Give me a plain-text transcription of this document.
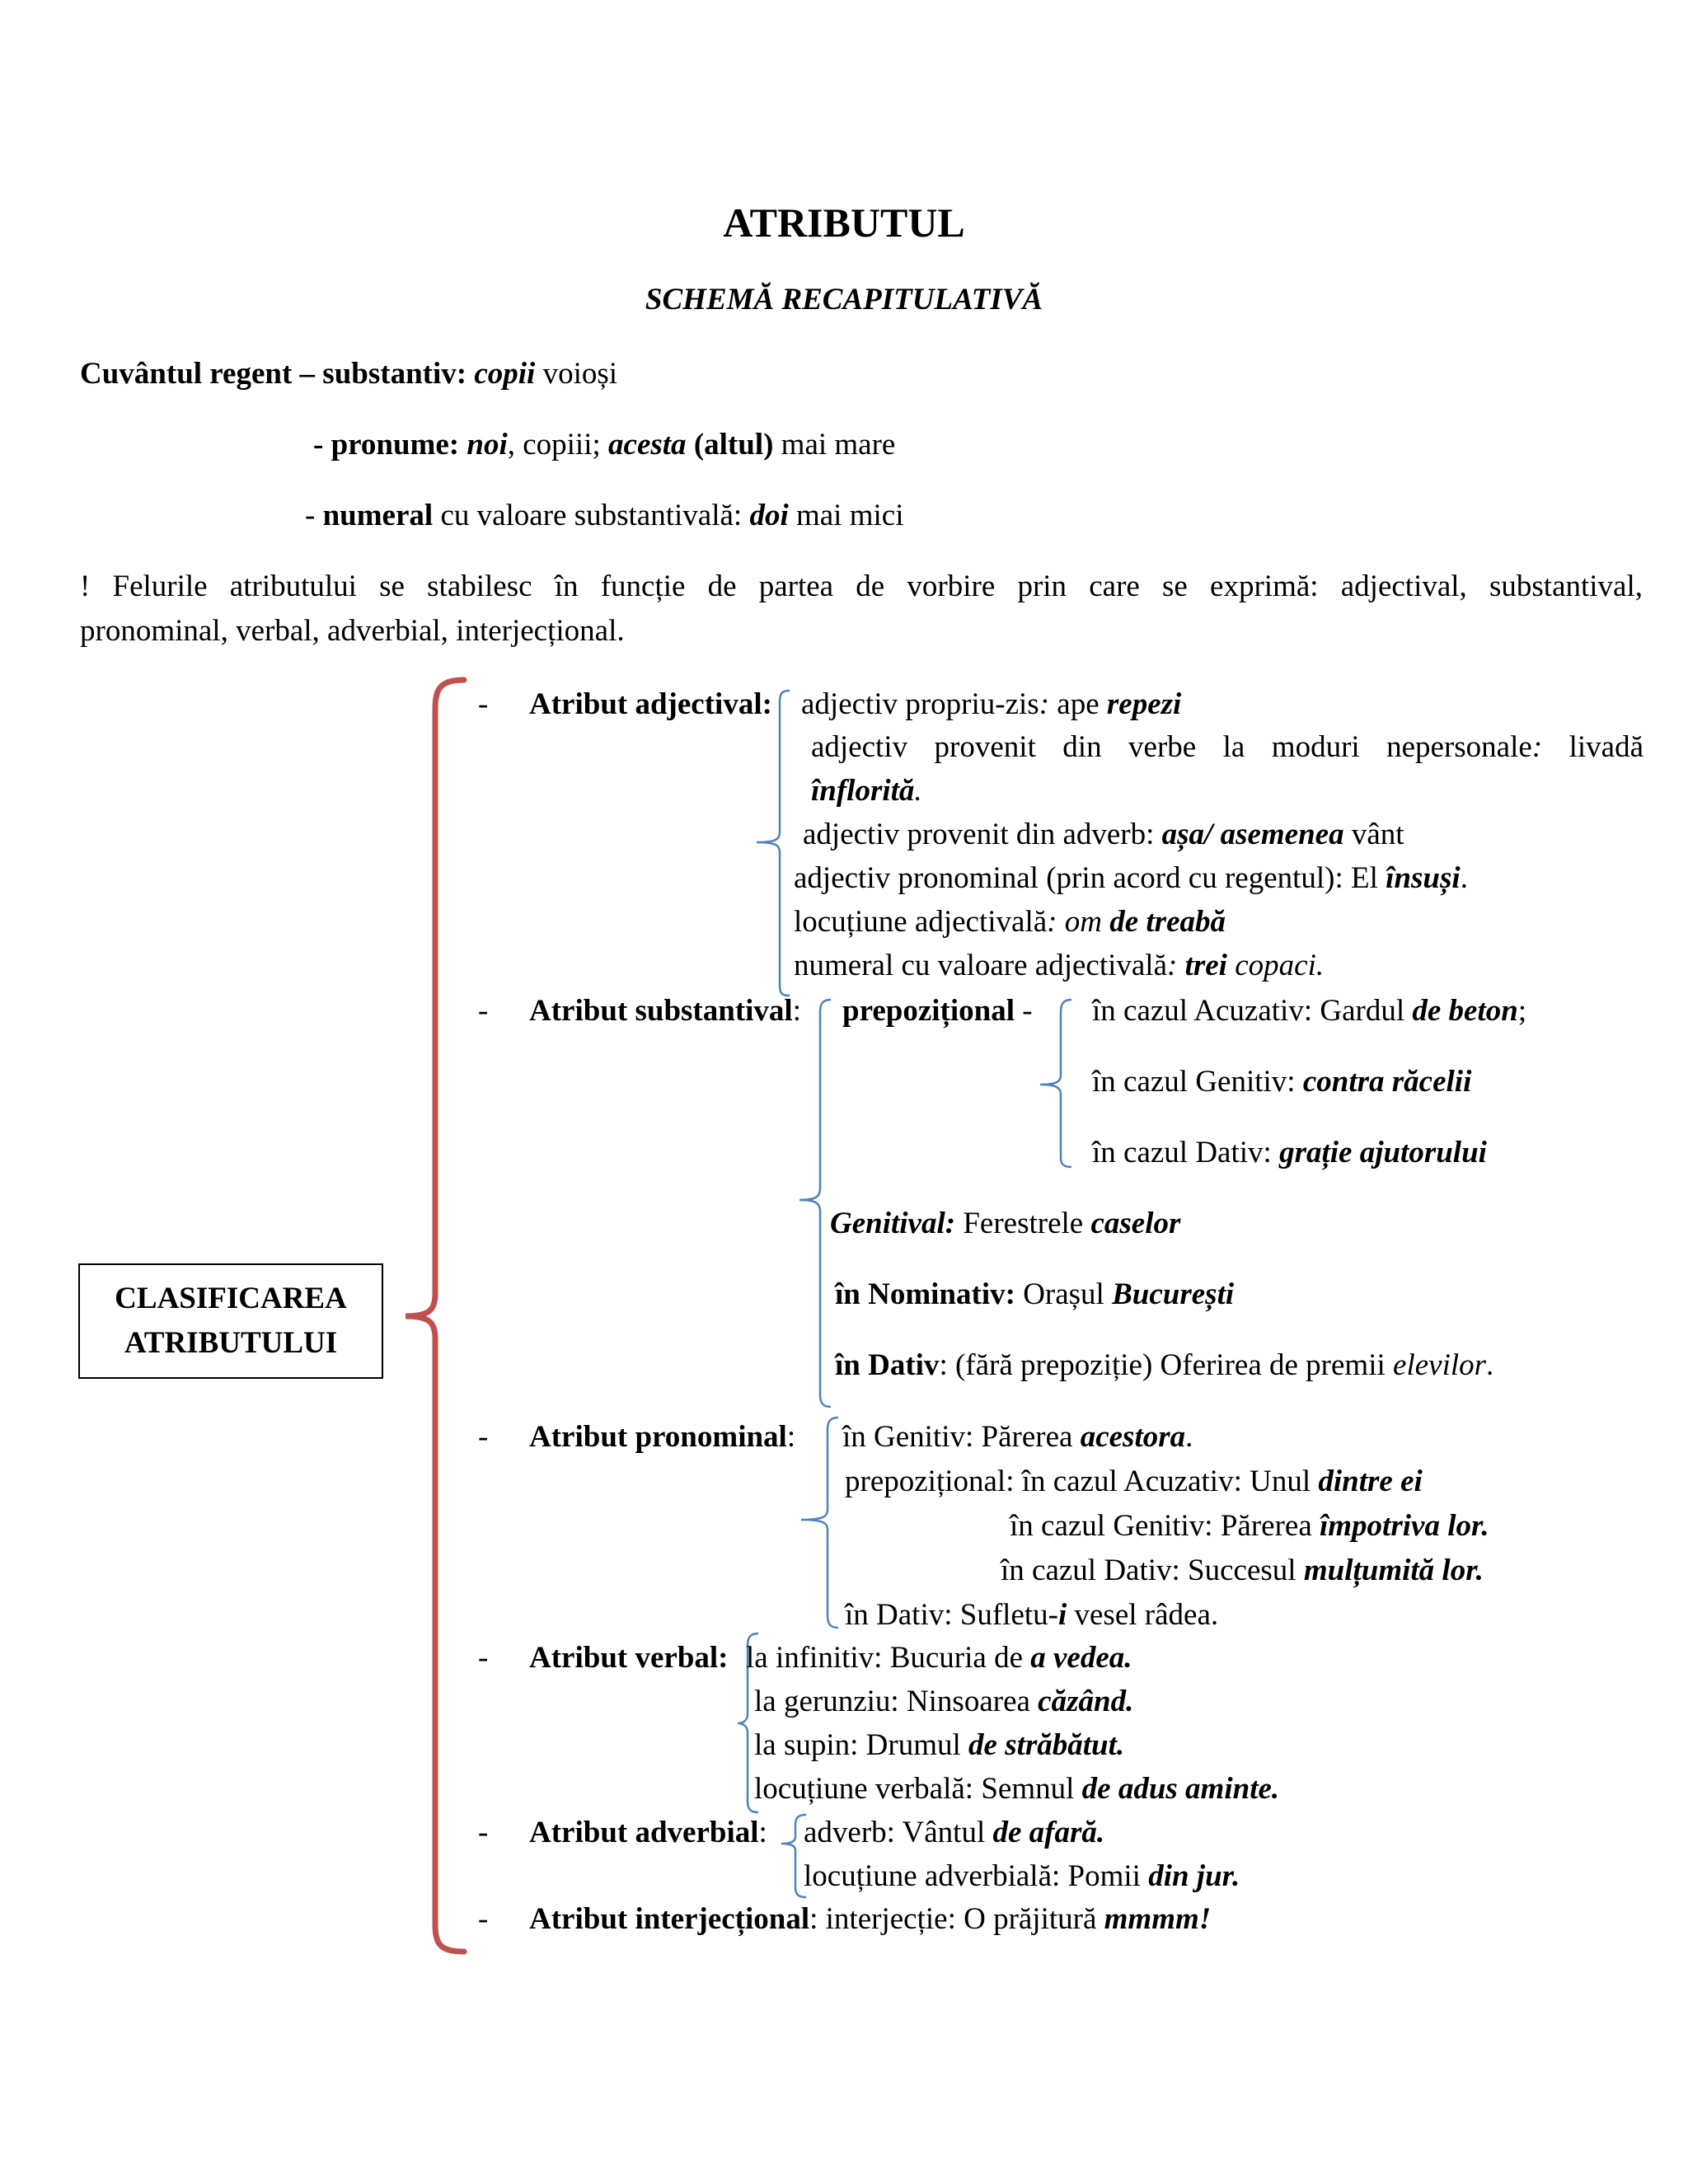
ATRIBUTUL
SCHEMĂ RECAPITULATIVĂ
Cuvântul regent – substantiv: copii voioși
- pronume: noi, copiii; acesta (altul) mai mare
- numeral cu valoare substantivală: doi mai mici
! Felurile atributului se stabilesc în funcție de partea de vorbire prin care se exprimă: adjectival, substantival,
pronominal, verbal, adverbial, interjecțional.
CLASIFICAREA
ATRIBUTULUI
-
-
-
-
-
-
Atribut adjectival: adjectiv propriu-zis: ape repezi
adjectiv provenit din verbe la moduri nepersonale: livadă
înflorită.
adjectiv provenit din adverb: așa/ asemenea vânt
adjectiv pronominal (prin acord cu regentul): El însuși.
locuțiune adjectivală: om de treabă
numeral cu valoare adjectivală: trei copaci.
Atribut substantival: prepozițional - în cazul Acuzativ: Gardul de beton;
în cazul Genitiv: contra răcelii
în cazul Dativ: grație ajutorului
Genitival: Ferestrele caselor
în Nominativ: Orașul București
în Dativ: (fără prepoziție) Oferirea de premii elevilor.
Atribut pronominal: în Genitiv: Părerea acestora.
prepozițional: în cazul Acuzativ: Unul dintre ei
în cazul Genitiv: Părerea împotriva lor.
în cazul Dativ: Succesul mulțumită lor.
în Dativ: Sufletu-i vesel râdea.
Atribut verbal: la infinitiv: Bucuria de a vedea.
la gerunziu: Ninsoarea căzând.
la supin: Drumul de străbătut.
locuțiune verbală: Semnul de adus aminte.
Atribut adverbial: adverb: Vântul de afară.
locuțiune adverbială: Pomii din jur.
Atribut interjecțional: interjecție: O prăjitură mmmm!
